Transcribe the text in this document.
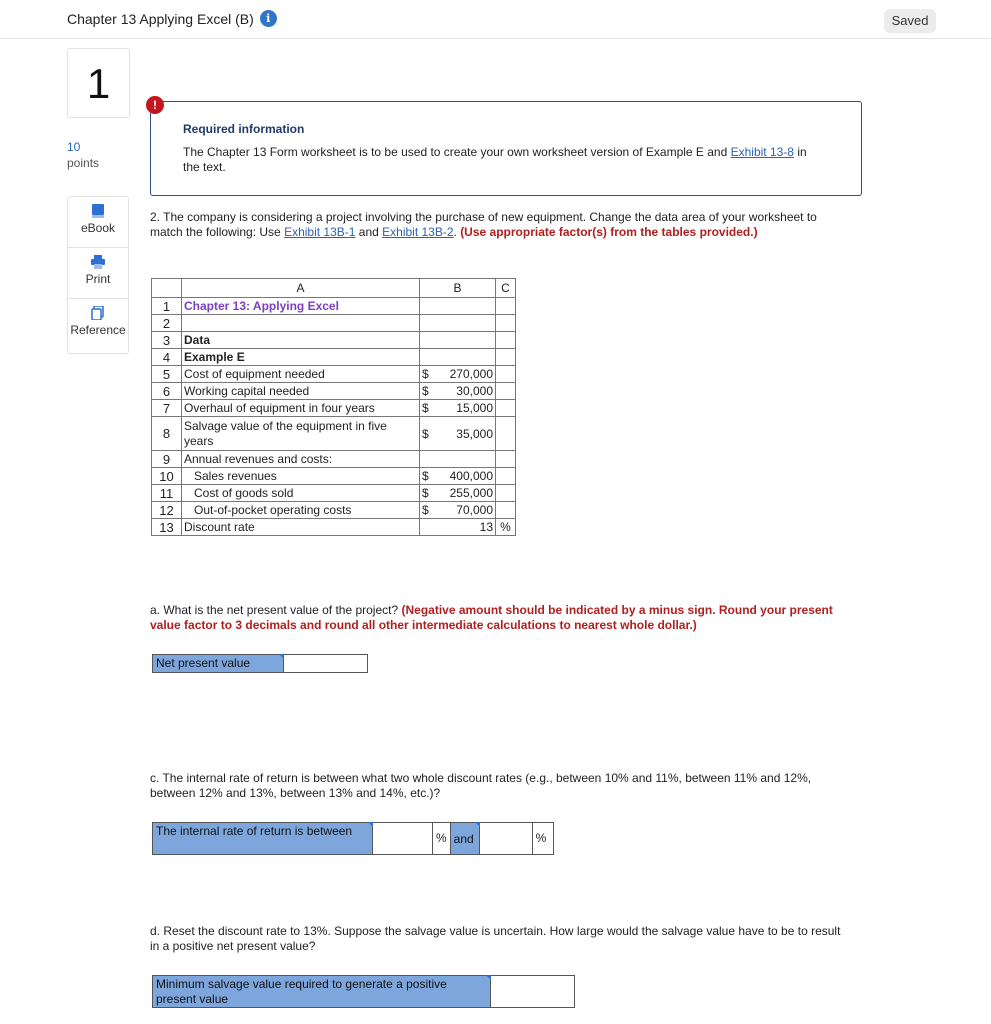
Chapter 13 Applying Excel (B)	i	Saved
1
10
points
eBook
Print
Reference
!
Required information
The Chapter 13 Form worksheet is to be used to create your own worksheet version of Example E and Exhibit 13-8 in the text.
2. The company is considering a project involving the purchase of new equipment. Change the data area of your worksheet to match the following: Use Exhibit 13B-1 and Exhibit 13B-2. (Use appropriate factor(s) from the tables provided.)
	A	B	C
1	Chapter 13: Applying Excel		
2			
3	Data		
4	Example E		
5	Cost of equipment needed	$ 270,000	

6	Working capital needed	$ 30,000	

7	Overhaul of equipment in four years	$ 15,000	

8	Salvage value of the equipment in five years	$ 35,000	

9	Annual revenues and costs:		
10	Sales revenues	$ 400,000	

11	Cost of goods sold	$ 255,000	

12	Out-of-pocket operating costs	$ 70,000	

13	Discount rate	13	%
a. What is the net present value of the project? (Negative amount should be indicated by a minus sign. Round your present value factor to 3 decimals and round all other intermediate calculations to nearest whole dollar.)
Net present value
c. The internal rate of return is between what two whole discount rates (e.g., between 10% and 11%, between 11% and 12%, between 12% and 13%, between 13% and 14%, etc.)?
The internal rate of return is between	% and	%
d. Reset the discount rate to 13%. Suppose the salvage value is uncertain. How large would the salvage value have to be to result in a positive net present value?
Minimum salvage value required to generate a positive present value
